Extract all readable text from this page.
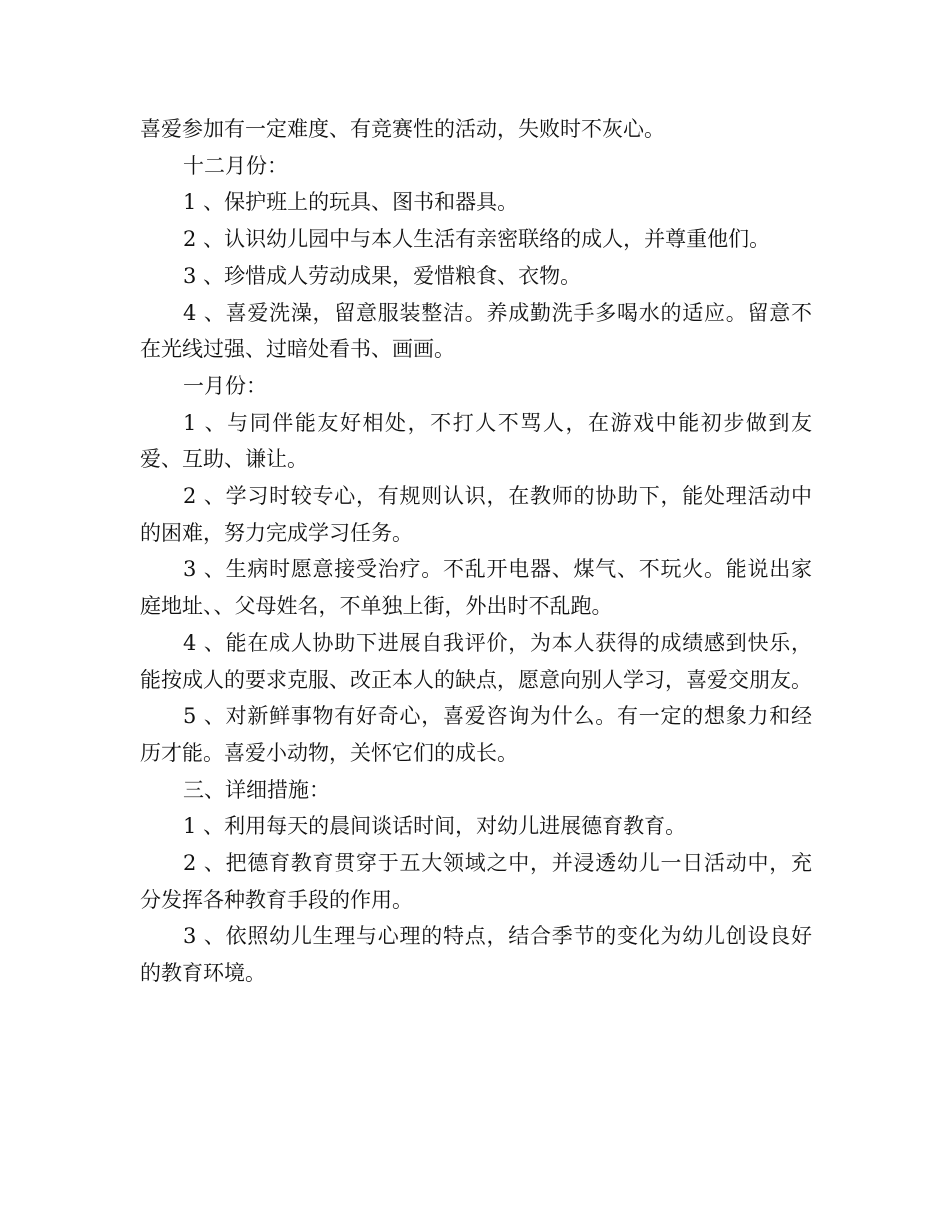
喜爱参加有一定难度、有竞赛性的活动，失败时不灰心。

十二月份：

1 、保护班上的玩具、图书和器具。

2 、认识幼儿园中与本人生活有亲密联络的成人，并尊重他们。

3 、珍惜成人劳动成果，爱惜粮食、衣物。

4 、喜爱洗澡，留意服装整洁。养成勤洗手多喝水的适应。留意不在光线过强、过暗处看书、画画。

一月份：

1 、与同伴能友好相处，不打人不骂人，在游戏中能初步做到友爱、互助、谦让。

2 、学习时较专心，有规则认识，在教师的协助下，能处理活动中的困难，努力完成学习任务。

3 、生病时愿意接受治疗。不乱开电器、煤气、不玩火。能说出家庭地址、、父母姓名，不单独上街，外出时不乱跑。

4 、能在成人协助下进展自我评价，为本人获得的成绩感到快乐，能按成人的要求克服、改正本人的缺点，愿意向别人学习，喜爱交朋友。

5 、对新鲜事物有好奇心，喜爱咨询为什么。有一定的想象力和经历才能。喜爱小动物，关怀它们的成长。

三、详细措施：

1 、利用每天的晨间谈话时间，对幼儿进展德育教育。

2 、把德育教育贯穿于五大领域之中，并浸透幼儿一日活动中，充分发挥各种教育手段的作用。

3 、依照幼儿生理与心理的特点，结合季节的变化为幼儿创设良好的教育环境。
